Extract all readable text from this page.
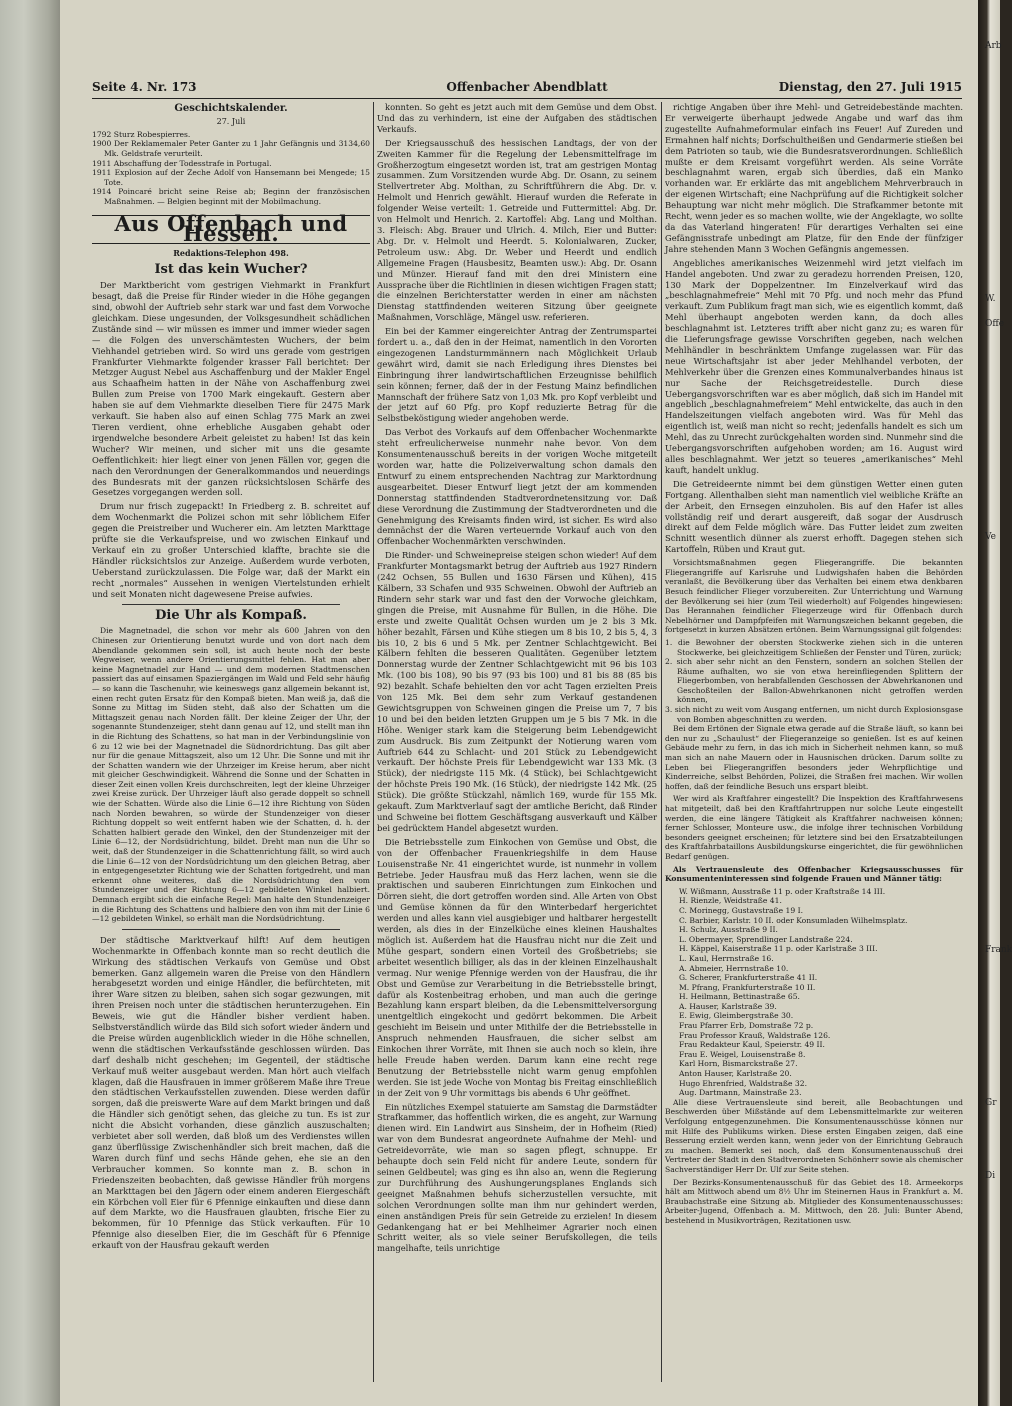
Arb
W.
Offe
Ve
Frank
Gr
Di
Seite 4. Nr. 173	Offenbacher Abendblatt	Dienstag, den 27. Juli 1915
Geschichtskalender.
27. Juli

1792 Sturz Robespierres.

1900 Der Reklamemaler Peter Ganter zu 1 Jahr Gefängnis und 3134,60 Mk. Geldstrafe verurteilt.

1911 Abschaffung der Todesstrafe in Portugal.

1911 Explosion auf der Zeche Adolf von Hansemann bei Mengede; 15 Tote.

1914 Poincaré bricht seine Reise ab; Beginn der französischen Maßnahmen. — Belgien beginnt mit der Mobilmachung.

Aus Offenbach und Hessen.
Redaktions-Telephon 498.
Ist das kein Wucher?

Der Marktbericht vom gestrigen Viehmarkt in Frankfurt besagt, daß die Preise für Rinder wieder in die Höhe gegangen sind, obwohl der Auftrieb sehr stark war und fast dem Vorwoche gleichkam. Diese ungesunden, der Volksgesundheit schädlichen Zustände sind — wir müssen es immer und immer wieder sagen — die Folgen des unverschämtesten Wuchers, der beim Viehhandel getrieben wird. So wird uns gerade vom gestrigen Frankfurter Viehmarkte folgender krasser Fall berichtet: Der Metzger August Nebel aus Aschaffenburg und der Makler Engel aus Schaafheim hatten in der Nähe von Aschaffenburg zwei Bullen zum Preise von 1700 Mark eingekauft. Gestern aber haben sie auf dem Viehmarkte dieselben Tiere für 2475 Mark verkauft. Sie haben also auf einen Schlag 775 Mark an zwei Tieren verdient, ohne erhebliche Ausgaben gehabt oder irgendwelche besondere Arbeit geleistet zu haben! Ist das kein Wucher? Wir meinen, und sicher mit uns die gesamte Oeffentlichkeit: hier liegt einer von jenen Fällen vor, gegen die nach den Verordnungen der Generalkommandos und neuerdings des Bundesrats mit der ganzen rücksichtslosen Schärfe des Gesetzes vorgegangen werden soll.

Drum nur frisch zugepackt! In Friedberg z. B. schreitet auf dem Wochenmarkt die Polizei schon mit sehr löblichem Eifer gegen die Preistreiber und Wucherer ein. Am letzten Markttage prüfte sie die Verkaufspreise, und wo zwischen Einkauf und Verkauf ein zu großer Unterschied klaffte, brachte sie die Händler rücksichtslos zur Anzeige. Außerdem wurde verboten, Ueberstand zurückzulassen. Die Folge war, daß der Markt ein recht „normales“ Aussehen in wenigen Viertelstunden erhielt und seit Monaten nicht dagewesene Preise aufwies.

Die Uhr als Kompaß.

Die Magnetnadel, die schon vor mehr als 600 Jahren von den Chinesen zur Orientierung benutzt wurde und von dort nach dem Abendlande gekommen sein soll, ist auch heute noch der beste Wegweiser, wenn andere Orientierungsmittel fehlen. Hat man aber keine Magnetnadel zur Hand — und dem modernen Stadtmenschen passiert das auf einsamen Spaziergängen im Wald und Feld sehr häufig — so kann die Taschenuhr, wie keineswegs ganz allgemein bekannt ist, einen recht guten Ersatz für den Kompaß bieten. Man weiß ja, daß die Sonne zu Mittag im Süden steht, daß also der Schatten um die Mittagszeit genau nach Norden fällt. Der kleine Zeiger der Uhr, der sogenannte Stundenzeiger, steht dann genau auf 12, und stellt man ihn in die Richtung des Schattens, so hat man in der Verbindungslinie von 6 zu 12 wie bei der Magnetnadel die Südnordrichtung. Das gilt aber nur für die genaue Mittagszeit, also um 12 Uhr. Die Sonne und mit ihr der Schatten wandern wie der Uhrzeiger im Kreise herum, aber nicht mit gleicher Geschwindigkeit. Während die Sonne und der Schatten in dieser Zeit einen vollen Kreis durchschreiten, legt der kleine Uhrzeiger zwei Kreise zurück. Der Uhrzeiger läuft also gerade doppelt so schnell wie der Schatten. Würde also die Linie 6—12 ihre Richtung von Süden nach Norden bewahren, so würde der Stundenzeiger von dieser Richtung doppelt so weit entfernt haben wie der Schatten, d. h. der Schatten halbiert gerade den Winkel, den der Stundenzeiger mit der Linie 6—12, der Nordsüdrichtung, bildet. Dreht man nun die Uhr so weit, daß der Stundenzeiger in die Schattenrichtung fällt, so wird auch die Linie 6—12 von der Nordsüdrichtung um den gleichen Betrag, aber in entgegengesetzter Richtung wie der Schatten fortgedreht, und man erkennt ohne weiteres, daß die Nordsüdrichtung den vom Stundenzeiger und der Richtung 6—12 gebildeten Winkel halbiert. Demnach ergibt sich die einfache Regel: Man halte den Stundenzeiger in die Richtung des Schattens und halbiere den von ihm mit der Linie 6—12 gebildeten Winkel, so erhält man die Nordsüdrichtung.

Der städtische Marktverkauf hilft! Auf dem heutigen Wochenmarkte in Offenbach konnte man so recht deutlich die Wirkung des städtischen Verkaufs von Gemüse und Obst bemerken. Ganz allgemein waren die Preise von den Händlern herabgesetzt worden und einige Händler, die befürchteten, mit ihrer Ware sitzen zu bleiben, sahen sich sogar gezwungen, mit ihren Preisen noch unter die städtischen herunterzugehen. Ein Beweis, wie gut die Händler bisher verdient haben. Selbstverständlich würde das Bild sich sofort wieder ändern und die Preise würden augenblicklich wieder in die Höhe schnellen, wenn die städtischen Verkaufsstände geschlossen würden. Das darf deshalb nicht geschehen; im Gegenteil, der städtische Verkauf muß weiter ausgebaut werden. Man hört auch vielfach klagen, daß die Hausfrauen in immer größerem Maße ihre Treue den städtischen Verkaufsstellen zuwenden. Diese werden dafür sorgen, daß die preiswerte Ware auf dem Markt bringen und daß die Händler sich genötigt sehen, das gleiche zu tun. Es ist zur nicht die Absicht vorhanden, diese gänzlich auszuschalten; verbietet aber soll werden, daß bloß um des Verdienstes willen ganz überflüssige Zwischenhändler sich breit machen, daß die Waren durch fünf und sechs Hände gehen, ehe sie an den Verbraucher kommen. So konnte man z. B. schon in Friedenszeiten beobachten, daß gewisse Händler früh morgens an Markttagen bei den Jägern oder einem anderen Eiergeschäft ein Körbchen voll Eier für 6 Pfennige einkauften und diese dann auf dem Markte, wo die Hausfrauen glaubten, frische Eier zu bekommen, für 10 Pfennige das Stück verkauften. Für 10 Pfennige also dieselben Eier, die im Geschäft für 6 Pfennige erkauft von der Hausfrau gekauft werden

konnten. So geht es jetzt auch mit dem Gemüse und dem Obst. Und das zu verhindern, ist eine der Aufgaben des städtischen Verkaufs.

Der Kriegsausschuß des hessischen Landtags, der von der Zweiten Kammer für die Regelung der Lebensmittelfrage im Großherzogtum eingesetzt worden ist, trat am gestrigen Montag zusammen. Zum Vorsitzenden wurde Abg. Dr. Osann, zu seinem Stellvertreter Abg. Molthan, zu Schriftführern die Abg. Dr. v. Helmolt und Henrich gewählt. Hierauf wurden die Referate in folgender Weise verteilt: 1. Getreide und Futtermittel: Abg. Dr. von Helmolt und Henrich. 2. Kartoffel: Abg. Lang und Molthan. 3. Fleisch: Abg. Brauer und Ulrich. 4. Milch, Eier und Butter: Abg. Dr. v. Helmolt und Heerdt. 5. Kolonialwaren, Zucker, Petroleum usw.: Abg. Dr. Weber und Heerdt und endlich Allgemeine Fragen (Hausbesitz, Beamten usw.): Abg. Dr. Osann und Münzer. Hierauf fand mit den drei Ministern eine Aussprache über die Richtlinien in diesen wichtigen Fragen statt; die einzelnen Berichterstatter werden in einer am nächsten Dienstag stattfindenden weiteren Sitzung über geeignete Maßnahmen, Vorschläge, Mängel usw. referieren.

Ein bei der Kammer eingereichter Antrag der Zentrumspartei fordert u. a., daß den in der Heimat, namentlich in den Vororten eingezogenen Landsturmmännern nach Möglichkeit Urlaub gewährt wird, damit sie nach Erledigung ihres Dienstes bei Einbringung ihrer landwirtschaftlichen Erzeugnisse behilflich sein können; ferner, daß der in der Festung Mainz befindlichen Mannschaft der frühere Satz von 1,03 Mk. pro Kopf verbleibt und der jetzt auf 60 Pfg. pro Kopf reduzierte Betrag für die Selbstbeköstigung wieder angehoben werde.

Das Verbot des Vorkaufs auf dem Offenbacher Wochenmarkte steht erfreulicherweise nunmehr nahe bevor. Von dem Konsumentenausschuß bereits in der vorigen Woche mitgeteilt worden war, hatte die Polizeiverwaltung schon damals den Entwurf zu einem entsprechenden Nachtrag zur Marktordnung ausgearbeitet. Dieser Entwurf liegt jetzt der am kommenden Donnerstag stattfindenden Stadtverordnetensitzung vor. Daß diese Verordnung die Zustimmung der Stadtverordneten und die Genehmigung des Kreisamts finden wird, ist sicher. Es wird also demnächst der die Waren verteuernde Vorkauf auch von den Offenbacher Wochenmärkten verschwinden.

Die Rinder- und Schweinepreise steigen schon wieder! Auf dem Frankfurter Montagsmarkt betrug der Auftrieb aus 1927 Rindern (242 Ochsen, 55 Bullen und 1630 Färsen und Kühen), 415 Kälbern, 33 Schafen und 935 Schweinen. Obwohl der Auftrieb an Rindern sehr stark war und fast den der Vorwoche gleichkam, gingen die Preise, mit Ausnahme für Bullen, in die Höhe. Die erste und zweite Qualität Ochsen wurden um je 2 bis 3 Mk. höher bezahlt, Färsen und Kühe stiegen um 8 bis 10, 2 bis 5, 4, 3 bis 10, 2 bis 6 und 5 Mk. per Zentner Schlachtgewicht. Bei Kälbern fehlten die besseren Qualitäten. Gegenüber letztem Donnerstag wurde der Zentner Schlachtgewicht mit 96 bis 103 Mk. (100 bis 108), 90 bis 97 (93 bis 100) und 81 bis 88 (85 bis 92) bezahlt. Schafe behielten den vor acht Tagen erzielten Preis von 125 Mk. Bei dem sehr zum Verkauf gestandenen Gewichtsgruppen von Schweinen gingen die Preise um 7, 7 bis 10 und bei den beiden letzten Gruppen um je 5 bis 7 Mk. in die Höhe. Weniger stark kam die Steigerung beim Lebendgewicht zum Ausdruck. Bis zum Zeitpunkt der Notierung waren vom Auftrieb 644 zu Schlacht- und 201 Stück zu Lebendgewicht verkauft. Der höchste Preis für Lebendgewicht war 133 Mk. (3 Stück), der niedrigste 115 Mk. (4 Stück), bei Schlachtgewicht der höchste Preis 190 Mk. (16 Stück), der niedrigste 142 Mk. (25 Stück). Die größte Stückzahl, nämlich 169, wurde für 155 Mk. gekauft. Zum Marktverlauf sagt der amtliche Bericht, daß Rinder und Schweine bei flottem Geschäftsgang ausverkauft und Kälber bei gedrücktem Handel abgesetzt wurden.

Die Betriebsstelle zum Einkochen von Gemüse und Obst, die von der Offenbacher Frauenkriegshilfe in dem Hause Louisenstraße Nr. 41 eingerichtet wurde, ist nunmehr in vollem Betriebe. Jeder Hausfrau muß das Herz lachen, wenn sie die praktischen und sauberen Einrichtungen zum Einkochen und Dörren sieht, die dort getroffen worden sind. Alle Arten von Obst und Gemüse können da für den Winterbedarf hergerichtet werden und alles kann viel ausgiebiger und haltbarer hergestellt werden, als dies in der Einzelküche eines kleinen Haushaltes möglich ist. Außerdem hat die Hausfrau nicht nur die Zeit und Mühe gespart, sondern einen Vorteil des Großbetriebs; sie arbeitet wesentlich billiger, als das in der kleinen Einzelhaushalt vermag. Nur wenige Pfennige werden von der Hausfrau, die ihr Obst und Gemüse zur Verarbeitung in die Betriebsstelle bringt, dafür als Kostenbeitrag erhoben, und man auch die geringe Bezahlung kann erspart bleiben, da die Lebensmittelversorgung unentgeltlich eingekocht und gedörrt bekommen. Die Arbeit geschieht im Beisein und unter Mithilfe der die Betriebsstelle in Anspruch nehmenden Hausfrauen, die sicher selbst am Einkochen ihrer Vorräte, mit Ihnen sie auch noch so klein, ihre helle Freude haben werden. Darum kann eine recht rege Benutzung der Betriebsstelle nicht warm genug empfohlen werden. Sie ist jede Woche von Montag bis Freitag einschließlich in der Zeit von 9 Uhr vormittags bis abends 6 Uhr geöffnet.

Ein nützliches Exempel statuierte am Samstag die Darmstädter Strafkammer, das hoffentlich wirken, die es angeht, zur Warnung dienen wird. Ein Landwirt aus Sinsheim, der in Hofheim (Ried) war von dem Bundesrat angeordnete Aufnahme der Mehl- und Getreidevorräte, wie man so sagen pflegt, schnuppe. Er behaupte doch sein Feld nicht für andere Leute, sondern für seinen Geldbeutel; was ging es ihn also an, wenn die Regierung zur Durchführung des Aushungerungsplanes Englands sich geeignet Maßnahmen behufs sicherzustellen versuchte, mit solchen Verordnungen sollte man ihm nur gehindert werden, einen anständigen Preis für sein Getreide zu erzielen! In diesem Gedankengang hat er bei Mehlheimer Agrarier noch einen Schritt weiter, als so viele seiner Berufskollegen, die teils mangelhafte, teils unrichtige

richtige Angaben über ihre Mehl- und Getreidebestände machten. Er verweigerte überhaupt jedwede Angabe und warf das ihm zugestellte Aufnahmeformular einfach ins Feuer! Auf Zureden und Ermahnen half nichts; Dorfschultheißen und Gendarmerie stießen bei dem Patrioten so taub, wie die Bundesratsverordnungen. Schließlich mußte er dem Kreisamt vorgeführt werden. Als seine Vorräte beschlagnahmt waren, ergab sich überdies, daß ein Manko vorhanden war. Er erklärte das mit angeblichem Mehrverbrauch in der eigenen Wirtschaft; eine Nachprüfung auf die Richtigkeit solcher Behauptung war nicht mehr möglich. Die Strafkammer betonte mit Recht, wenn jeder es so machen wollte, wie der Angeklagte, wo sollte da das Vaterland hingeraten! Für derartiges Verhalten sei eine Gefängnisstrafe unbedingt am Platze, für den Ende der fünfziger Jahre stehenden Mann 3 Wochen Gefängnis angemessen.

Angebliches amerikanisches Weizenmehl wird jetzt vielfach im Handel angeboten. Und zwar zu geradezu horrenden Preisen, 120, 130 Mark der Doppelzentner. Im Einzelverkauf wird das „beschlagnahmefreie“ Mehl mit 70 Pfg. und noch mehr das Pfund verkauft. Zum Publikum fragt man sich, wie es eigentlich kommt, daß Mehl überhaupt angeboten werden kann, da doch alles beschlagnahmt ist. Letzteres trifft aber nicht ganz zu; es waren für die Lieferungsfrage gewisse Vorschriften gegeben, nach welchen Mehlhändler in beschränktem Umfange zugelassen war. Für das neue Wirtschaftsjahr ist aber jeder Mehlhandel verboten, der Mehlverkehr über die Grenzen eines Kommunalverbandes hinaus ist nur Sache der Reichsgetreidestelle. Durch diese Uebergangsvorschriften war es aber möglich, daß sich im Handel mit angeblich „beschlagnahmefreiem“ Mehl entwickelte, das auch in den Handelszeitungen vielfach angeboten wird. Was für Mehl das eigentlich ist, weiß man nicht so recht; jedenfalls handelt es sich um Mehl, das zu Unrecht zurückgehalten worden sind. Nunmehr sind die Uebergangsvorschriften aufgehoben worden; am 16. August wird alles beschlagnahmt. Wer jetzt so teueres „amerikanisches“ Mehl kauft, handelt unklug.

Die Getreideernte nimmt bei dem günstigen Wetter einen guten Fortgang. Allenthalben sieht man namentlich viel weibliche Kräfte an der Arbeit, den Ernsegen einzuholen. Bis auf den Hafer ist alles vollständig reif und derart ausgereift, daß sogar der Ausdrusch direkt auf dem Felde möglich wäre. Das Futter leidet zum zweiten Schnitt wesentlich dünner als zuerst erhofft. Dagegen stehen sich Kartoffeln, Rüben und Kraut gut.

Vorsichtsmaßnahmen gegen Fliegerangriffe. Die bekannten Fliegerangriffe auf Karlsruhe und Ludwigshafen haben die Behörden veranlaßt, die Bevölkerung über das Verhalten bei einem etwa denkbaren Besuch feindlicher Flieger vorzubereiten. Zur Unterrichtung und Warnung der Bevölkerung sei hier (zum Teil wiederholt) auf Folgendes hingewiesen: Das Herannahen feindlicher Fliegerzeuge wird für Offenbach durch Nebelhörner und Dampfpfeifen mit Warnungszeichen bekannt gegeben, die fortgesetzt in kurzen Absätzen ertönen. Beim Warnungssignal gilt folgendes:

1. die Bewohner der obersten Stockwerke ziehen sich in die unteren Stockwerke, bei gleichzeitigem Schließen der Fenster und Türen, zurück;

2. sich aber sehr nicht an den Fenstern, sondern an solchen Stellen der Räume aufhalten, wo sie von etwa hereinfliegenden Splittern der Fliegerbomben, von herabfallenden Geschossen der Abwehrkanonen und Geschoßteilen der Ballon-Abwehrkanonen nicht getroffen werden können,

3. sich nicht zu weit vom Ausgang entfernen, um nicht durch Explosionsgase von Bomben abgeschnitten zu werden.

Bei dem Ertönen der Signale etwa gerade auf die Straße läuft, so kann bei den nur zu „Schaulust“ der Fliegeranzeige so genießen. Ist es auf keinen Gebäude mehr zu fern, in das ich mich in Sicherheit nehmen kann, so muß man sich an nahe Mauern oder in Hausnischen drücken. Darum sollte zu Leben bei Fliegerangriffen besonders jeder Wehrpflichtige und Kinderreiche, selbst Behörden, Polizei, die Straßen frei machen. Wir wollen hoffen, daß der feindliche Besuch uns erspart bleibt.

Wer wird als Kraftfahrer eingestellt? Die Inspektion des Kraftfahrwesens hat mitgeteilt, daß bei den Kraftfahrtruppen nur solche Leute eingestellt werden, die eine längere Tätigkeit als Kraftfahrer nachweisen können; ferner Schlosser, Monteure usw., die infolge ihrer technischen Vorbildung besonders geeignet erscheinen; für letztere sind bei den Ersatzabteilungen des Kraftfahrbataillons Ausbildungskurse eingerichtet, die für gewöhnlichen Bedarf genügen.

Als Vertrauensleute des Offenbacher Kriegsausschusses für Konsumenteninteressen sind folgende Frauen und Männer tätig:

W. Wißmann, Ausstraße 11 p. oder Kraftstraße 14 III.
H. Rienzle, Weidstraße 41.
C. Morinegg, Gustavstraße 19 I.
C. Barbier, Karlstr. 10 II. oder Konsumladen Wilhelmsplatz.
H. Schulz, Ausstraße 9 II.
L. Obermayer, Sprendlinger Landstraße 224.
H. Käppel, Kaiserstraße 11 p. oder Karlstraße 3 III.
L. Kaul, Herrnstraße 16.
A. Abmeier, Herrnstraße 10.
G. Scherer, Frankfurterstraße 41 II.
M. Pfrang, Frankfurterstraße 10 II.
H. Heilmann, Bettinastraße 65.
A. Hauser, Karlstraße 39.
E. Ewig, Gleimbergstraße 30.
Frau Pfarrer Erb, Domstraße 72 p.
Frau Professor Krauß, Waldstraße 126.
Frau Redakteur Kaul, Speierstr. 49 II.
Frau E. Weigel, Louisenstraße 8.
Karl Horn, Bismarckstraße 27.
Anton Hauser, Karlstraße 20.
Hugo Ehrenfried, Waldstraße 32.
Aug. Dartmann, Mainstraße 23.

Alle diese Vertrauensleute sind bereit, alle Beobachtungen und Beschwerden über Mißstände auf dem Lebensmittelmarkte zur weiteren Verfolgung entgegenzunehmen. Die Konsumentenausschüsse können nur mit Hilfe des Publikums wirken. Diese ersten Eingaben zeigen, daß eine Besserung erzielt werden kann, wenn jeder von der Einrichtung Gebrauch zu machen. Bemerkt sei noch, daß dem Konsumentenausschuß drei Vertreter der Stadt in den Stadtverordneten Schönherr sowie als chemischer Sachverständiger Herr Dr. Ulf zur Seite stehen.

Der Bezirks-Konsumentenausschuß für das Gebiet des 18. Armeekorps hält am Mittwoch abend um 8½ Uhr im Steinernen Haus in Frankfurt a. M. Braubachstraße eine Sitzung ab. Mitglieder des Konsumentenausschusses: Arbeiter-Jugend, Offenbach a. M. Mittwoch, den 28. Juli: Bunter Abend, bestehend in Musikvorträgen, Rezitationen usw.
